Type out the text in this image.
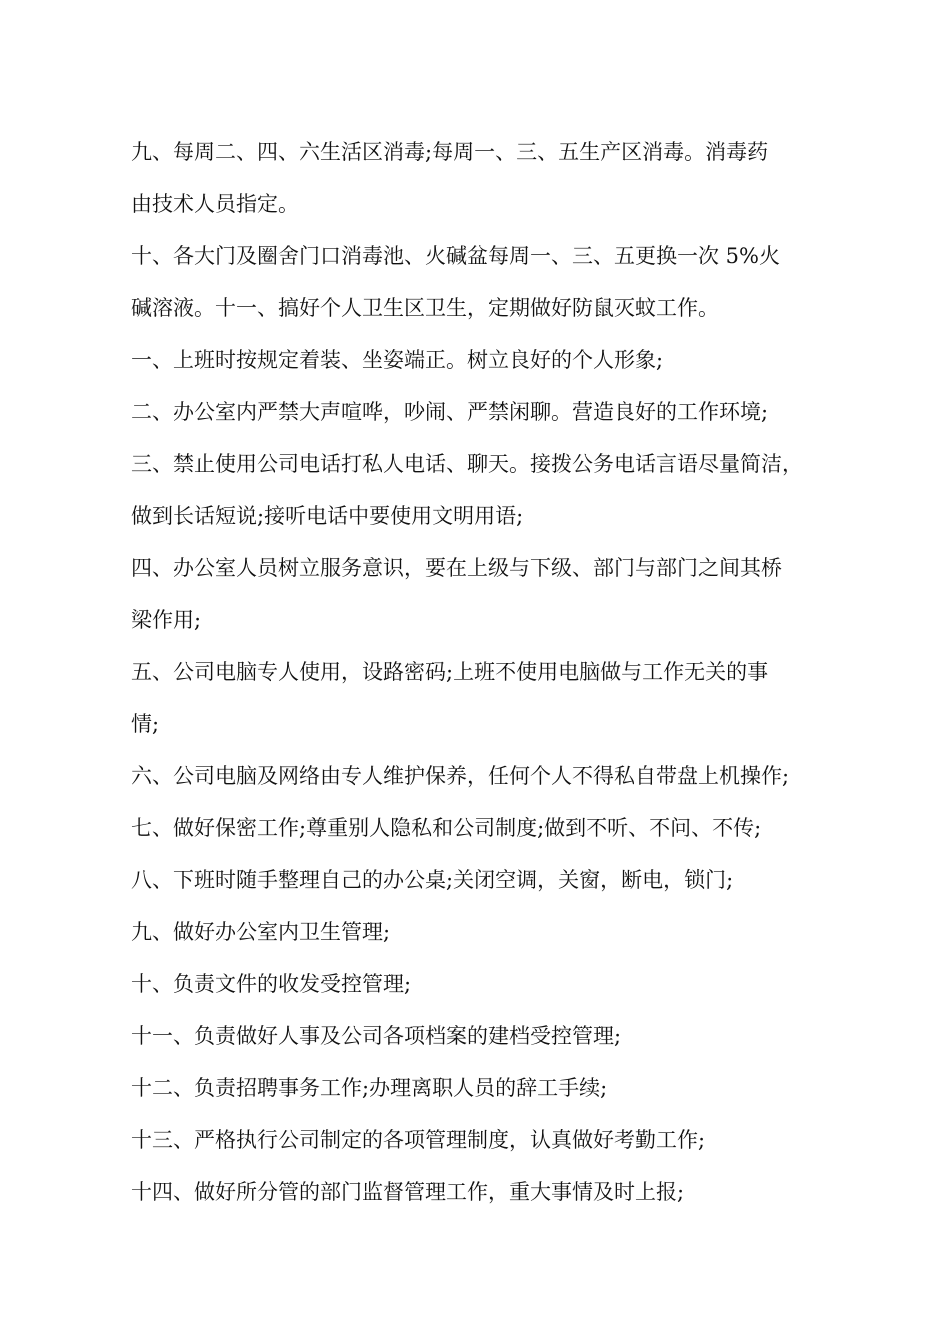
九、每周二、四、六生活区消毒;每周一、三、五生产区消毒。消毒药

由技术人员指定。

十、各大门及圈舍门口消毒池、火碱盆每周一、三、五更换一次 5%火

碱溶液。十一、搞好个人卫生区卫生，定期做好防鼠灭蚊工作。

一、上班时按规定着装、坐姿端正。树立良好的个人形象;

二、办公室内严禁大声喧哗，吵闹、严禁闲聊。营造良好的工作环境;

三、禁止使用公司电话打私人电话、聊天。接拨公务电话言语尽量简洁，

做到长话短说;接听电话中要使用文明用语;

四、办公室人员树立服务意识，要在上级与下级、部门与部门之间其桥

梁作用;

五、公司电脑专人使用，设路密码;上班不使用电脑做与工作无关的事

情;

六、公司电脑及网络由专人维护保养，任何个人不得私自带盘上机操作;

七、做好保密工作;尊重别人隐私和公司制度;做到不听、不问、不传;

八、下班时随手整理自己的办公桌;关闭空调，关窗，断电，锁门;

九、做好办公室内卫生管理;

十、负责文件的收发受控管理;

十一、负责做好人事及公司各项档案的建档受控管理;

十二、负责招聘事务工作;办理离职人员的辞工手续;

十三、严格执行公司制定的各项管理制度，认真做好考勤工作;

十四、做好所分管的部门监督管理工作，重大事情及时上报;
